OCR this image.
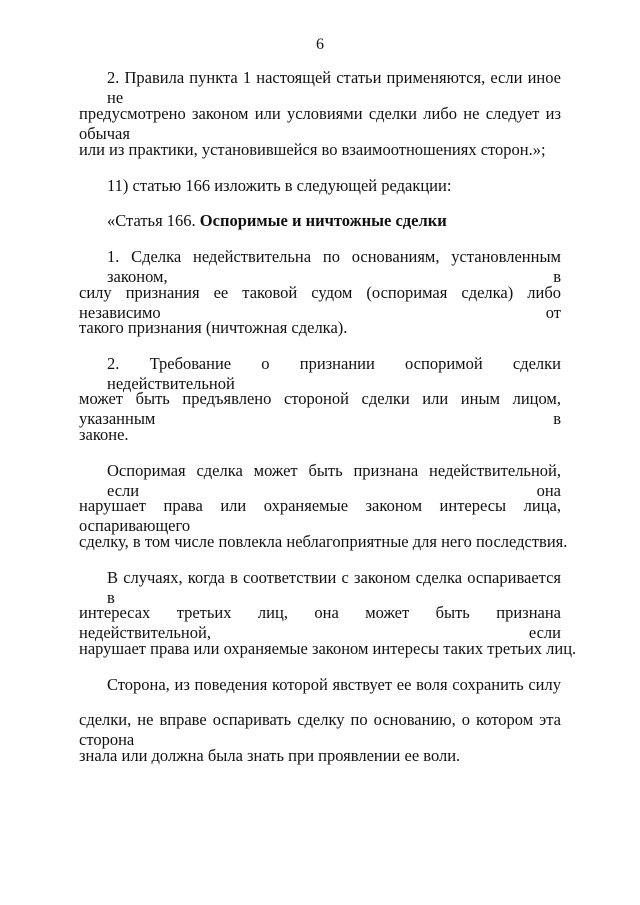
6
2. Правила пункта 1 настоящей статьи применяются, если иное не
предусмотрено законом или условиями сделки либо не следует из обычая
или из практики, установившейся во взаимоотношениях сторон.»;
11) статью 166 изложить в следующей редакции:
«Статья 166. Оспоримые и ничтожные сделки
1. Сделка недействительна по основаниям, установленным законом, в
силу признания ее таковой судом (оспоримая сделка) либо независимо от
такого признания (ничтожная сделка).
2. Требование о признании оспоримой сделки недействительной
может быть предъявлено стороной сделки или иным лицом, указанным в
законе.
Оспоримая сделка может быть признана недействительной, если она
нарушает права или охраняемые законом интересы лица, оспаривающего
сделку, в том числе повлекла неблагоприятные для него последствия.
В случаях, когда в соответствии с законом сделка оспаривается в
интересах третьих лиц, она может быть признана недействительной, если
нарушает права или охраняемые законом интересы таких третьих лиц.
Сторона, из поведения которой явствует ее воля сохранить силу
сделки, не вправе оспаривать сделку по основанию, о котором эта сторона
знала или должна была знать при проявлении ее воли.
